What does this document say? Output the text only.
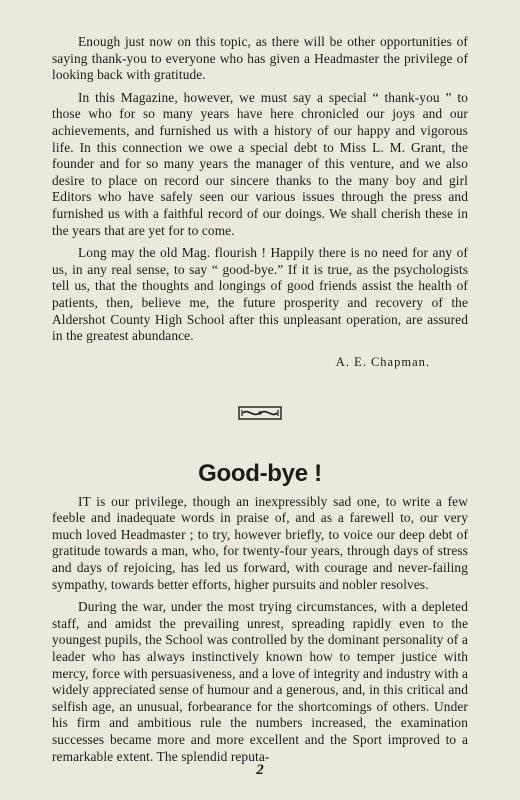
Enough just now on this topic, as there will be other opportunities of saying thank-you to everyone who has given a Headmaster the privilege of looking back with gratitude.

In this Magazine, however, we must say a special “ thank-you ” to those who for so many years have here chronicled our joys and our achievements, and furnished us with a history of our happy and vigorous life. In this connection we owe a special debt to Miss L. M. Grant, the founder and for so many years the manager of this venture, and we also desire to place on record our sincere thanks to the many boy and girl Editors who have safely seen our various issues through the press and furnished us with a faithful record of our doings. We shall cherish these in the years that are yet for to come.

Long may the old Mag. flourish ! Happily there is no need for any of us, in any real sense, to say “ good-bye.” If it is true, as the psychologists tell us, that the thoughts and longings of good friends assist the health of patients, then, believe me, the future prosperity and recovery of the Aldershot County High School after this unpleasant operation, are assured in the greatest abundance.

A. E. Chapman.
Good-bye !

IT is our privilege, though an inexpressibly sad one, to write a few feeble and inadequate words in praise of, and as a farewell to, our very much loved Headmaster ; to try, however briefly, to voice our deep debt of gratitude towards a man, who, for twenty-four years, through days of stress and days of rejoicing, has led us forward, with courage and never-failing sympathy, towards better efforts, higher pursuits and nobler resolves.

During the war, under the most trying circumstances, with a depleted staff, and amidst the prevailing unrest, spreading rapidly even to the youngest pupils, the School was controlled by the dominant personality of a leader who has always instinctively known how to temper justice with mercy, force with persuasiveness, and a love of integrity and industry with a widely appreciated sense of humour and a generous, and, in this critical and selfish age, an unusual, forbearance for the shortcomings of others. Under his firm and ambitious rule the numbers increased, the examination successes became more and more excellent and the Sport improved to a remarkable extent. The splendid reputa-

2
